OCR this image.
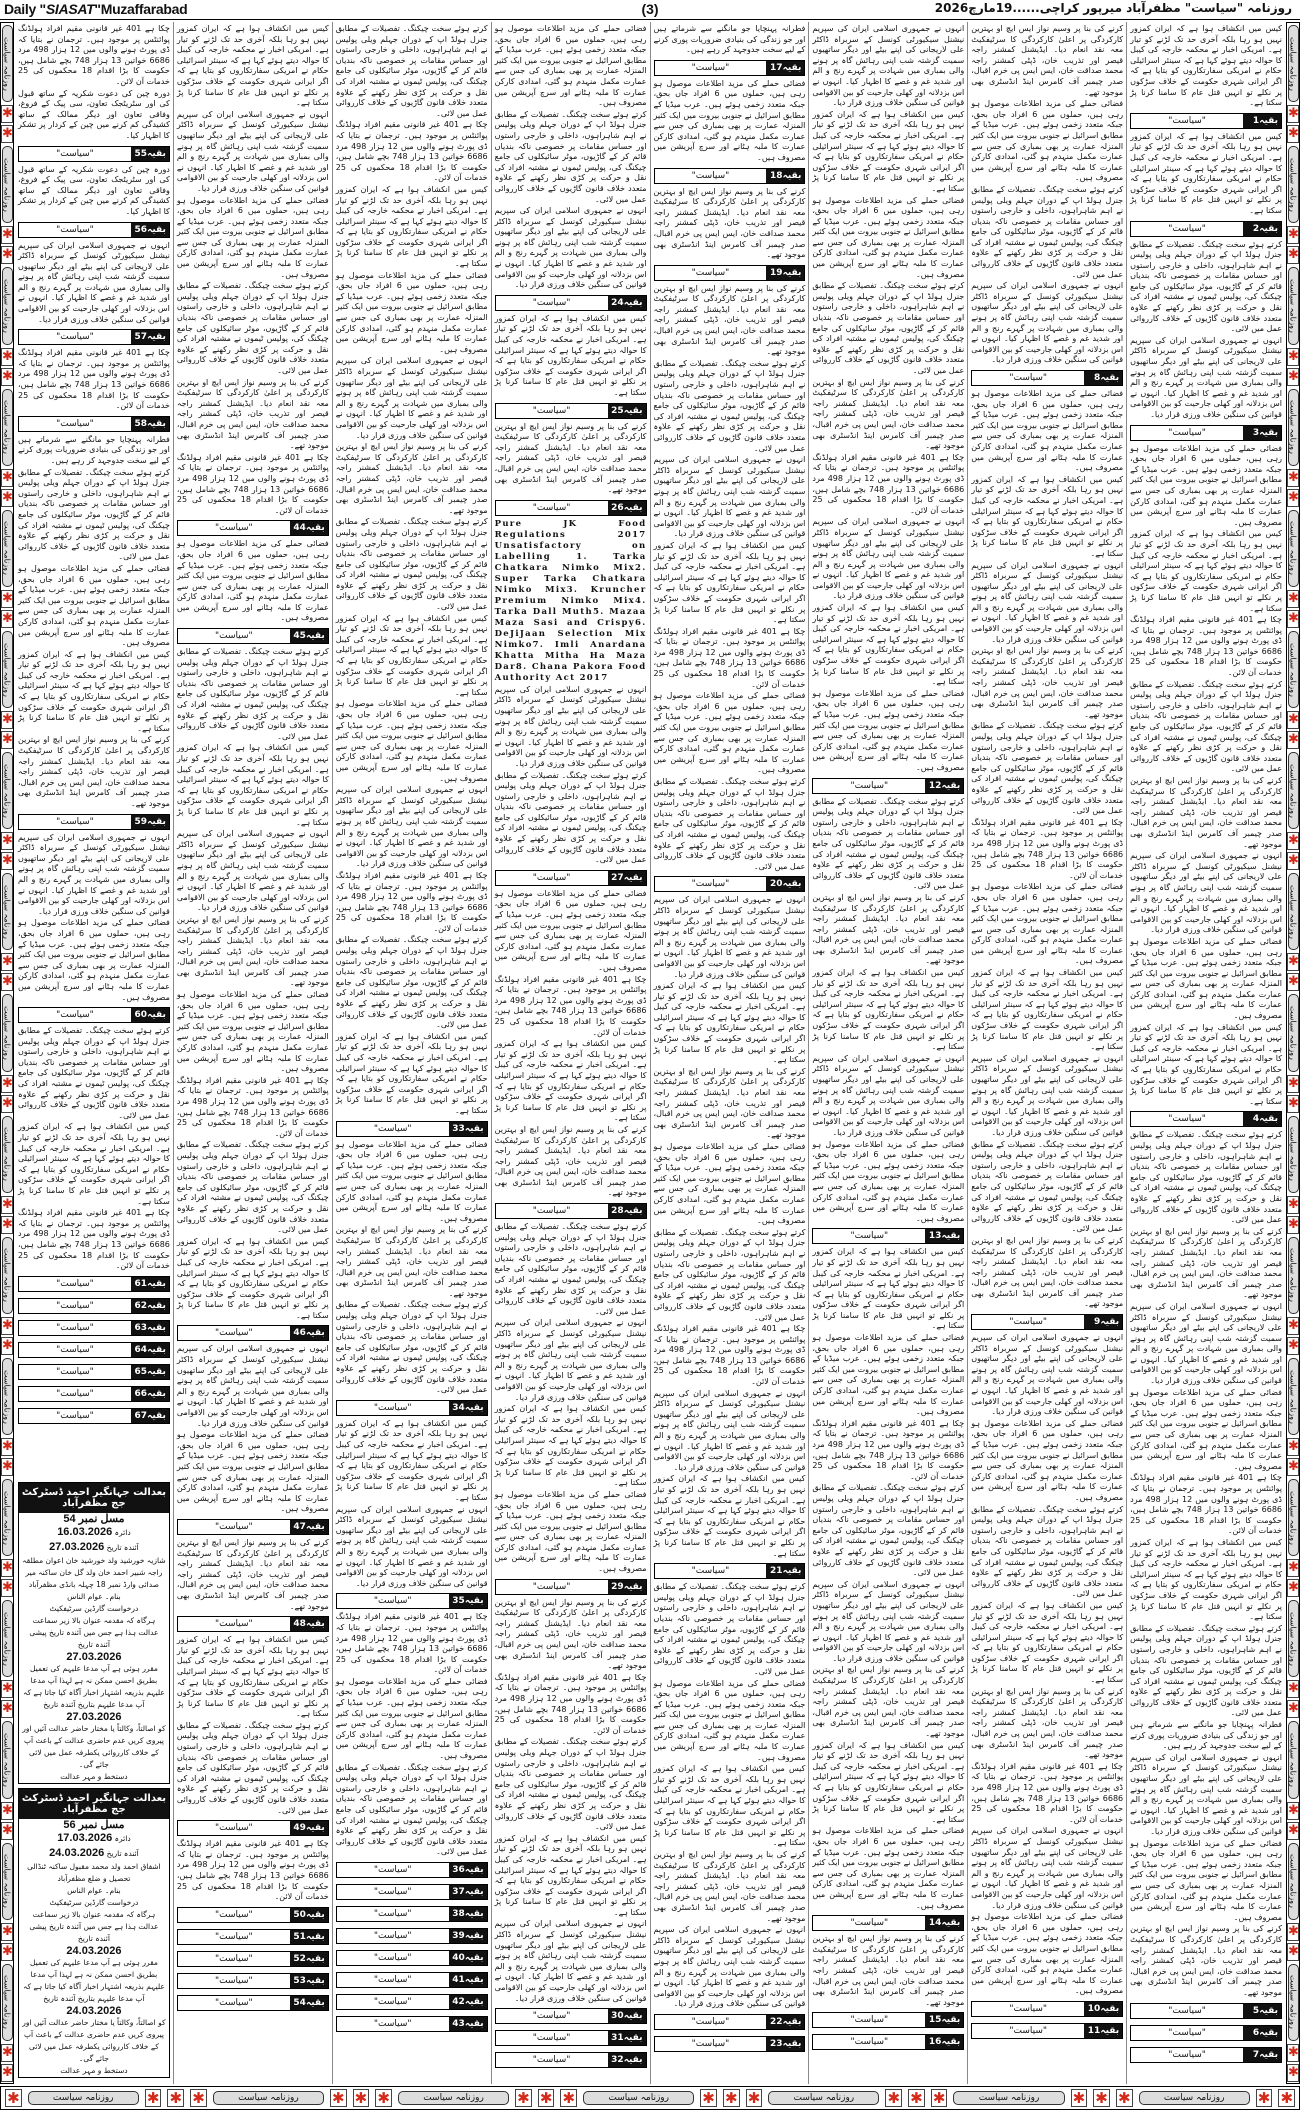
Daily "SIASAT"Muzaffarabad	(3)	روزنامہ "سیاست" مظفرآباد میرپور کراچی......19مارچ2026
روزنامہ سیاست
✱
✱
روزنامہ سیاست
✱
✱
روزنامہ سیاست
✱
✱
روزنامہ سیاست
✱
✱
روزنامہ سیاست
✱
✱
روزنامہ سیاست
✱
✱
روزنامہ سیاست
✱
✱
روزنامہ سیاست
✱
✱
روزنامہ سیاست
✱
✱
روزنامہ سیاست
✱
✱
روزنامہ سیاست
✱
✱
روزنامہ سیاست
✱
✱
روزنامہ سیاست
✱
✱
روزنامہ سیاست
✱
✱
روزنامہ سیاست
✱
✱
روزنامہ سیاست
✱
✱
روزنامہ سیاست
✱
✱
روزنامہ سیاست
✱
✱
روزنامہ سیاست
✱
✱
روزنامہ سیاست
✱
✱
روزنامہ سیاست
✱
✱
روزنامہ سیاست
✱
✱
روزنامہ سیاست
✱
✱
روزنامہ سیاست
✱
✱
روزنامہ سیاست
✱
✱
روزنامہ سیاست
✱
✱
روزنامہ سیاست
✱
✱
روزنامہ سیاست
✱
✱
روزنامہ سیاست
✱
✱
روزنامہ سیاست
✱
✱
روزنامہ سیاست
✱
✱
روزنامہ سیاست
✱
✱
روزنامہ سیاست
✱
✱
روزنامہ سیاست
✱
✱

کیس میں انکشاف ہوا ہے کہ ایران کمزور نہیں ہو رہا بلکہ آخری حد تک لڑنے کو تیار ہے۔ امریکی اخبار نے محکمہ خارجہ کی کیبل کا حوالہ دیتے ہوئے کہا ہے کہ سینئر اسرائیلی حکام نے امریکی سفارتکاروں کو بتایا ہے کہ اگر ایرانی شہری حکومت کے خلاف سڑکوں پر نکلے تو انہیں قتل عام کا سامنا کرنا پڑ سکتا ہے۔

بقیہ1
"سیاست"

کیس میں انکشاف ہوا ہے کہ ایران کمزور نہیں ہو رہا بلکہ آخری حد تک لڑنے کو تیار ہے۔ امریکی اخبار نے محکمہ خارجہ کی کیبل کا حوالہ دیتے ہوئے کہا ہے کہ سینئر اسرائیلی حکام نے امریکی سفارتکاروں کو بتایا ہے کہ اگر ایرانی شہری حکومت کے خلاف سڑکوں پر نکلے تو انہیں قتل عام کا سامنا کرنا پڑ سکتا ہے۔

بقیہ2
"سیاست"

کرتے ہوئے سخت چیکنگ۔ تفصیلات کے مطابق جنرل ہولڈ اپ کے دوران جہلم ویلی پولیس نے اہم شاہراہوں، داخلی و خارجی راستوں اور حساس مقامات پر خصوصی ناکہ بندیاں قائم کر کے گاڑیوں، موٹر سائیکلوں کی جامع چیکنگ کی، پولیس ٹیموں نے مشتبہ افراد کی نقل و حرکت پر کڑی نظر رکھنے کے علاوہ متعدد خلاف قانون گاڑیوں کے خلاف کارروائی عمل میں لائی۔

انہوں نے جمہوری اسلامی ایران کی سپریم نیشنل سیکیورٹی کونسل کے سربراہ ڈاکٹر علی لاریجانی کی اپنے بیٹے اور دیگر ساتھیوں سمیت گزشتہ شب اپنی رہائش گاہ پر ہونے والی بمباری میں شہادت پر گہرے رنج و الم اور شدید غم و غصے کا اظہار کیا۔ انہوں نے اس بزدلانہ اور کھلی جارحیت کو بین الاقوامی قوانین کی سنگین خلاف ورزی قرار دیا۔

بقیہ3
"سیاست"

فضائی حملے کی مزید اطلاعات موصول ہو رہی ہیں، حملوں میں 6 افراد جاں بحق، جبکہ متعدد زخمی ہوئے ہیں۔ عرب میڈیا کے مطابق اسرائیل نے جنوبی بیروت میں ایک کثیر المنزلہ عمارت پر بھی بمباری کی جس سے عمارت مکمل منہدم ہو گئی، امدادی کارکن عمارت کا ملبہ ہٹانے اور سرچ آپریشن میں مصروف ہیں۔

کیس میں انکشاف ہوا ہے کہ ایران کمزور نہیں ہو رہا بلکہ آخری حد تک لڑنے کو تیار ہے۔ امریکی اخبار نے محکمہ خارجہ کی کیبل کا حوالہ دیتے ہوئے کہا ہے کہ سینئر اسرائیلی حکام نے امریکی سفارتکاروں کو بتایا ہے کہ اگر ایرانی شہری حکومت کے خلاف سڑکوں پر نکلے تو انہیں قتل عام کا سامنا کرنا پڑ سکتا ہے۔

چکا ہے 401 غیر قانونی مقیم افراد ہولڈنگ پوائنٹس پر موجود ہیں۔ ترجمان نے بتایا کہ ڈی پورٹ ہونے والوں میں 12 ہزار 498 مرد 6686 خواتین 13 ہزار 748 بچے شامل ہیں، حکومت کا بڑا اقدام 18 محکموں کی 25 خدمات آن لائن۔

کرتے ہوئے سخت چیکنگ۔ تفصیلات کے مطابق جنرل ہولڈ اپ کے دوران جہلم ویلی پولیس نے اہم شاہراہوں، داخلی و خارجی راستوں اور حساس مقامات پر خصوصی ناکہ بندیاں قائم کر کے گاڑیوں، موٹر سائیکلوں کی جامع چیکنگ کی، پولیس ٹیموں نے مشتبہ افراد کی نقل و حرکت پر کڑی نظر رکھنے کے علاوہ متعدد خلاف قانون گاڑیوں کے خلاف کارروائی عمل میں لائی۔

کرنے کی بنا پر وسیم نواز ایس ایچ او بہترین کارکردگی پر اعلیٰ کارکردگی کا سرٹیفکیٹ معہ نقد انعام دیا۔ ایڈیشنل کمشنر راجہ قیصر اور تذریب خان، ڈپٹی کمشنر راجہ محمد صداقت خان، ایس ایس پی خرم اقبال، صدر چیمبر آف کامرس اینڈ انڈسٹری بھی موجود تھے۔

انہوں نے جمہوری اسلامی ایران کی سپریم نیشنل سیکیورٹی کونسل کے سربراہ ڈاکٹر علی لاریجانی کی اپنے بیٹے اور دیگر ساتھیوں سمیت گزشتہ شب اپنی رہائش گاہ پر ہونے والی بمباری میں شہادت پر گہرے رنج و الم اور شدید غم و غصے کا اظہار کیا۔ انہوں نے اس بزدلانہ اور کھلی جارحیت کو بین الاقوامی قوانین کی سنگین خلاف ورزی قرار دیا۔

فضائی حملے کی مزید اطلاعات موصول ہو رہی ہیں، حملوں میں 6 افراد جاں بحق، جبکہ متعدد زخمی ہوئے ہیں۔ عرب میڈیا کے مطابق اسرائیل نے جنوبی بیروت میں ایک کثیر المنزلہ عمارت پر بھی بمباری کی جس سے عمارت مکمل منہدم ہو گئی، امدادی کارکن عمارت کا ملبہ ہٹانے اور سرچ آپریشن میں مصروف ہیں۔

کیس میں انکشاف ہوا ہے کہ ایران کمزور نہیں ہو رہا بلکہ آخری حد تک لڑنے کو تیار ہے۔ امریکی اخبار نے محکمہ خارجہ کی کیبل کا حوالہ دیتے ہوئے کہا ہے کہ سینئر اسرائیلی حکام نے امریکی سفارتکاروں کو بتایا ہے کہ اگر ایرانی شہری حکومت کے خلاف سڑکوں پر نکلے تو انہیں قتل عام کا سامنا کرنا پڑ سکتا ہے۔

بقیہ4
"سیاست"

کرتے ہوئے سخت چیکنگ۔ تفصیلات کے مطابق جنرل ہولڈ اپ کے دوران جہلم ویلی پولیس نے اہم شاہراہوں، داخلی و خارجی راستوں اور حساس مقامات پر خصوصی ناکہ بندیاں قائم کر کے گاڑیوں، موٹر سائیکلوں کی جامع چیکنگ کی، پولیس ٹیموں نے مشتبہ افراد کی نقل و حرکت پر کڑی نظر رکھنے کے علاوہ متعدد خلاف قانون گاڑیوں کے خلاف کارروائی عمل میں لائی۔

کرنے کی بنا پر وسیم نواز ایس ایچ او بہترین کارکردگی پر اعلیٰ کارکردگی کا سرٹیفکیٹ معہ نقد انعام دیا۔ ایڈیشنل کمشنر راجہ قیصر اور تذریب خان، ڈپٹی کمشنر راجہ محمد صداقت خان، ایس ایس پی خرم اقبال، صدر چیمبر آف کامرس اینڈ انڈسٹری بھی موجود تھے۔

انہوں نے جمہوری اسلامی ایران کی سپریم نیشنل سیکیورٹی کونسل کے سربراہ ڈاکٹر علی لاریجانی کی اپنے بیٹے اور دیگر ساتھیوں سمیت گزشتہ شب اپنی رہائش گاہ پر ہونے والی بمباری میں شہادت پر گہرے رنج و الم اور شدید غم و غصے کا اظہار کیا۔ انہوں نے اس بزدلانہ اور کھلی جارحیت کو بین الاقوامی قوانین کی سنگین خلاف ورزی قرار دیا۔

فضائی حملے کی مزید اطلاعات موصول ہو رہی ہیں، حملوں میں 6 افراد جاں بحق، جبکہ متعدد زخمی ہوئے ہیں۔ عرب میڈیا کے مطابق اسرائیل نے جنوبی بیروت میں ایک کثیر المنزلہ عمارت پر بھی بمباری کی جس سے عمارت مکمل منہدم ہو گئی، امدادی کارکن عمارت کا ملبہ ہٹانے اور سرچ آپریشن میں مصروف ہیں۔

چکا ہے 401 غیر قانونی مقیم افراد ہولڈنگ پوائنٹس پر موجود ہیں۔ ترجمان نے بتایا کہ ڈی پورٹ ہونے والوں میں 12 ہزار 498 مرد 6686 خواتین 13 ہزار 748 بچے شامل ہیں، حکومت کا بڑا اقدام 18 محکموں کی 25 خدمات آن لائن۔

کیس میں انکشاف ہوا ہے کہ ایران کمزور نہیں ہو رہا بلکہ آخری حد تک لڑنے کو تیار ہے۔ امریکی اخبار نے محکمہ خارجہ کی کیبل کا حوالہ دیتے ہوئے کہا ہے کہ سینئر اسرائیلی حکام نے امریکی سفارتکاروں کو بتایا ہے کہ اگر ایرانی شہری حکومت کے خلاف سڑکوں پر نکلے تو انہیں قتل عام کا سامنا کرنا پڑ سکتا ہے۔

کرتے ہوئے سخت چیکنگ۔ تفصیلات کے مطابق جنرل ہولڈ اپ کے دوران جہلم ویلی پولیس نے اہم شاہراہوں، داخلی و خارجی راستوں اور حساس مقامات پر خصوصی ناکہ بندیاں قائم کر کے گاڑیوں، موٹر سائیکلوں کی جامع چیکنگ کی، پولیس ٹیموں نے مشتبہ افراد کی نقل و حرکت پر کڑی نظر رکھنے کے علاوہ متعدد خلاف قانون گاڑیوں کے خلاف کارروائی عمل میں لائی۔

فطرانہ پہنچایا جو مانگنے سے شرماتے ہیں اور جو زندگی کی بنیادی ضروریات پوری کرنے کے لیے سخت جدوجہد کر رہے ہیں۔

انہوں نے جمہوری اسلامی ایران کی سپریم نیشنل سیکیورٹی کونسل کے سربراہ ڈاکٹر علی لاریجانی کی اپنے بیٹے اور دیگر ساتھیوں سمیت گزشتہ شب اپنی رہائش گاہ پر ہونے والی بمباری میں شہادت پر گہرے رنج و الم اور شدید غم و غصے کا اظہار کیا۔ انہوں نے اس بزدلانہ اور کھلی جارحیت کو بین الاقوامی قوانین کی سنگین خلاف ورزی قرار دیا۔

فضائی حملے کی مزید اطلاعات موصول ہو رہی ہیں، حملوں میں 6 افراد جاں بحق، جبکہ متعدد زخمی ہوئے ہیں۔ عرب میڈیا کے مطابق اسرائیل نے جنوبی بیروت میں ایک کثیر المنزلہ عمارت پر بھی بمباری کی جس سے عمارت مکمل منہدم ہو گئی، امدادی کارکن عمارت کا ملبہ ہٹانے اور سرچ آپریشن میں مصروف ہیں۔

کرنے کی بنا پر وسیم نواز ایس ایچ او بہترین کارکردگی پر اعلیٰ کارکردگی کا سرٹیفکیٹ معہ نقد انعام دیا۔ ایڈیشنل کمشنر راجہ قیصر اور تذریب خان، ڈپٹی کمشنر راجہ محمد صداقت خان، ایس ایس پی خرم اقبال، صدر چیمبر آف کامرس اینڈ انڈسٹری بھی موجود تھے۔

بقیہ5
"سیاست"
بقیہ6
"سیاست"
بقیہ7
"سیاست"

کرنے کی بنا پر وسیم نواز ایس ایچ او بہترین کارکردگی پر اعلیٰ کارکردگی کا سرٹیفکیٹ معہ نقد انعام دیا۔ ایڈیشنل کمشنر راجہ قیصر اور تذریب خان، ڈپٹی کمشنر راجہ محمد صداقت خان، ایس ایس پی خرم اقبال، صدر چیمبر آف کامرس اینڈ انڈسٹری بھی موجود تھے۔

فضائی حملے کی مزید اطلاعات موصول ہو رہی ہیں، حملوں میں 6 افراد جاں بحق، جبکہ متعدد زخمی ہوئے ہیں۔ عرب میڈیا کے مطابق اسرائیل نے جنوبی بیروت میں ایک کثیر المنزلہ عمارت پر بھی بمباری کی جس سے عمارت مکمل منہدم ہو گئی، امدادی کارکن عمارت کا ملبہ ہٹانے اور سرچ آپریشن میں مصروف ہیں۔

کرتے ہوئے سخت چیکنگ۔ تفصیلات کے مطابق جنرل ہولڈ اپ کے دوران جہلم ویلی پولیس نے اہم شاہراہوں، داخلی و خارجی راستوں اور حساس مقامات پر خصوصی ناکہ بندیاں قائم کر کے گاڑیوں، موٹر سائیکلوں کی جامع چیکنگ کی، پولیس ٹیموں نے مشتبہ افراد کی نقل و حرکت پر کڑی نظر رکھنے کے علاوہ متعدد خلاف قانون گاڑیوں کے خلاف کارروائی عمل میں لائی۔

انہوں نے جمہوری اسلامی ایران کی سپریم نیشنل سیکیورٹی کونسل کے سربراہ ڈاکٹر علی لاریجانی کی اپنے بیٹے اور دیگر ساتھیوں سمیت گزشتہ شب اپنی رہائش گاہ پر ہونے والی بمباری میں شہادت پر گہرے رنج و الم اور شدید غم و غصے کا اظہار کیا۔ انہوں نے اس بزدلانہ اور کھلی جارحیت کو بین الاقوامی قوانین کی سنگین خلاف ورزی قرار دیا۔

بقیہ8
"سیاست"

فضائی حملے کی مزید اطلاعات موصول ہو رہی ہیں، حملوں میں 6 افراد جاں بحق، جبکہ متعدد زخمی ہوئے ہیں۔ عرب میڈیا کے مطابق اسرائیل نے جنوبی بیروت میں ایک کثیر المنزلہ عمارت پر بھی بمباری کی جس سے عمارت مکمل منہدم ہو گئی، امدادی کارکن عمارت کا ملبہ ہٹانے اور سرچ آپریشن میں مصروف ہیں۔

کیس میں انکشاف ہوا ہے کہ ایران کمزور نہیں ہو رہا بلکہ آخری حد تک لڑنے کو تیار ہے۔ امریکی اخبار نے محکمہ خارجہ کی کیبل کا حوالہ دیتے ہوئے کہا ہے کہ سینئر اسرائیلی حکام نے امریکی سفارتکاروں کو بتایا ہے کہ اگر ایرانی شہری حکومت کے خلاف سڑکوں پر نکلے تو انہیں قتل عام کا سامنا کرنا پڑ سکتا ہے۔

انہوں نے جمہوری اسلامی ایران کی سپریم نیشنل سیکیورٹی کونسل کے سربراہ ڈاکٹر علی لاریجانی کی اپنے بیٹے اور دیگر ساتھیوں سمیت گزشتہ شب اپنی رہائش گاہ پر ہونے والی بمباری میں شہادت پر گہرے رنج و الم اور شدید غم و غصے کا اظہار کیا۔ انہوں نے اس بزدلانہ اور کھلی جارحیت کو بین الاقوامی قوانین کی سنگین خلاف ورزی قرار دیا۔

کرنے کی بنا پر وسیم نواز ایس ایچ او بہترین کارکردگی پر اعلیٰ کارکردگی کا سرٹیفکیٹ معہ نقد انعام دیا۔ ایڈیشنل کمشنر راجہ قیصر اور تذریب خان، ڈپٹی کمشنر راجہ محمد صداقت خان، ایس ایس پی خرم اقبال، صدر چیمبر آف کامرس اینڈ انڈسٹری بھی موجود تھے۔

کرتے ہوئے سخت چیکنگ۔ تفصیلات کے مطابق جنرل ہولڈ اپ کے دوران جہلم ویلی پولیس نے اہم شاہراہوں، داخلی و خارجی راستوں اور حساس مقامات پر خصوصی ناکہ بندیاں قائم کر کے گاڑیوں، موٹر سائیکلوں کی جامع چیکنگ کی، پولیس ٹیموں نے مشتبہ افراد کی نقل و حرکت پر کڑی نظر رکھنے کے علاوہ متعدد خلاف قانون گاڑیوں کے خلاف کارروائی عمل میں لائی۔

چکا ہے 401 غیر قانونی مقیم افراد ہولڈنگ پوائنٹس پر موجود ہیں۔ ترجمان نے بتایا کہ ڈی پورٹ ہونے والوں میں 12 ہزار 498 مرد 6686 خواتین 13 ہزار 748 بچے شامل ہیں، حکومت کا بڑا اقدام 18 محکموں کی 25 خدمات آن لائن۔

فضائی حملے کی مزید اطلاعات موصول ہو رہی ہیں، حملوں میں 6 افراد جاں بحق، جبکہ متعدد زخمی ہوئے ہیں۔ عرب میڈیا کے مطابق اسرائیل نے جنوبی بیروت میں ایک کثیر المنزلہ عمارت پر بھی بمباری کی جس سے عمارت مکمل منہدم ہو گئی، امدادی کارکن عمارت کا ملبہ ہٹانے اور سرچ آپریشن میں مصروف ہیں۔

کیس میں انکشاف ہوا ہے کہ ایران کمزور نہیں ہو رہا بلکہ آخری حد تک لڑنے کو تیار ہے۔ امریکی اخبار نے محکمہ خارجہ کی کیبل کا حوالہ دیتے ہوئے کہا ہے کہ سینئر اسرائیلی حکام نے امریکی سفارتکاروں کو بتایا ہے کہ اگر ایرانی شہری حکومت کے خلاف سڑکوں پر نکلے تو انہیں قتل عام کا سامنا کرنا پڑ سکتا ہے۔

انہوں نے جمہوری اسلامی ایران کی سپریم نیشنل سیکیورٹی کونسل کے سربراہ ڈاکٹر علی لاریجانی کی اپنے بیٹے اور دیگر ساتھیوں سمیت گزشتہ شب اپنی رہائش گاہ پر ہونے والی بمباری میں شہادت پر گہرے رنج و الم اور شدید غم و غصے کا اظہار کیا۔ انہوں نے اس بزدلانہ اور کھلی جارحیت کو بین الاقوامی قوانین کی سنگین خلاف ورزی قرار دیا۔

کرتے ہوئے سخت چیکنگ۔ تفصیلات کے مطابق جنرل ہولڈ اپ کے دوران جہلم ویلی پولیس نے اہم شاہراہوں، داخلی و خارجی راستوں اور حساس مقامات پر خصوصی ناکہ بندیاں قائم کر کے گاڑیوں، موٹر سائیکلوں کی جامع چیکنگ کی، پولیس ٹیموں نے مشتبہ افراد کی نقل و حرکت پر کڑی نظر رکھنے کے علاوہ متعدد خلاف قانون گاڑیوں کے خلاف کارروائی عمل میں لائی۔

کرنے کی بنا پر وسیم نواز ایس ایچ او بہترین کارکردگی پر اعلیٰ کارکردگی کا سرٹیفکیٹ معہ نقد انعام دیا۔ ایڈیشنل کمشنر راجہ قیصر اور تذریب خان، ڈپٹی کمشنر راجہ محمد صداقت خان، ایس ایس پی خرم اقبال، صدر چیمبر آف کامرس اینڈ انڈسٹری بھی موجود تھے۔

بقیہ9
"سیاست"

انہوں نے جمہوری اسلامی ایران کی سپریم نیشنل سیکیورٹی کونسل کے سربراہ ڈاکٹر علی لاریجانی کی اپنے بیٹے اور دیگر ساتھیوں سمیت گزشتہ شب اپنی رہائش گاہ پر ہونے والی بمباری میں شہادت پر گہرے رنج و الم اور شدید غم و غصے کا اظہار کیا۔ انہوں نے اس بزدلانہ اور کھلی جارحیت کو بین الاقوامی قوانین کی سنگین خلاف ورزی قرار دیا۔

فضائی حملے کی مزید اطلاعات موصول ہو رہی ہیں، حملوں میں 6 افراد جاں بحق، جبکہ متعدد زخمی ہوئے ہیں۔ عرب میڈیا کے مطابق اسرائیل نے جنوبی بیروت میں ایک کثیر المنزلہ عمارت پر بھی بمباری کی جس سے عمارت مکمل منہدم ہو گئی، امدادی کارکن عمارت کا ملبہ ہٹانے اور سرچ آپریشن میں مصروف ہیں۔

کرتے ہوئے سخت چیکنگ۔ تفصیلات کے مطابق جنرل ہولڈ اپ کے دوران جہلم ویلی پولیس نے اہم شاہراہوں، داخلی و خارجی راستوں اور حساس مقامات پر خصوصی ناکہ بندیاں قائم کر کے گاڑیوں، موٹر سائیکلوں کی جامع چیکنگ کی، پولیس ٹیموں نے مشتبہ افراد کی نقل و حرکت پر کڑی نظر رکھنے کے علاوہ متعدد خلاف قانون گاڑیوں کے خلاف کارروائی عمل میں لائی۔

کیس میں انکشاف ہوا ہے کہ ایران کمزور نہیں ہو رہا بلکہ آخری حد تک لڑنے کو تیار ہے۔ امریکی اخبار نے محکمہ خارجہ کی کیبل کا حوالہ دیتے ہوئے کہا ہے کہ سینئر اسرائیلی حکام نے امریکی سفارتکاروں کو بتایا ہے کہ اگر ایرانی شہری حکومت کے خلاف سڑکوں پر نکلے تو انہیں قتل عام کا سامنا کرنا پڑ سکتا ہے۔

کرنے کی بنا پر وسیم نواز ایس ایچ او بہترین کارکردگی پر اعلیٰ کارکردگی کا سرٹیفکیٹ معہ نقد انعام دیا۔ ایڈیشنل کمشنر راجہ قیصر اور تذریب خان، ڈپٹی کمشنر راجہ محمد صداقت خان، ایس ایس پی خرم اقبال، صدر چیمبر آف کامرس اینڈ انڈسٹری بھی موجود تھے۔

چکا ہے 401 غیر قانونی مقیم افراد ہولڈنگ پوائنٹس پر موجود ہیں۔ ترجمان نے بتایا کہ ڈی پورٹ ہونے والوں میں 12 ہزار 498 مرد 6686 خواتین 13 ہزار 748 بچے شامل ہیں، حکومت کا بڑا اقدام 18 محکموں کی 25 خدمات آن لائن۔

انہوں نے جمہوری اسلامی ایران کی سپریم نیشنل سیکیورٹی کونسل کے سربراہ ڈاکٹر علی لاریجانی کی اپنے بیٹے اور دیگر ساتھیوں سمیت گزشتہ شب اپنی رہائش گاہ پر ہونے والی بمباری میں شہادت پر گہرے رنج و الم اور شدید غم و غصے کا اظہار کیا۔ انہوں نے اس بزدلانہ اور کھلی جارحیت کو بین الاقوامی قوانین کی سنگین خلاف ورزی قرار دیا۔

فضائی حملے کی مزید اطلاعات موصول ہو رہی ہیں، حملوں میں 6 افراد جاں بحق، جبکہ متعدد زخمی ہوئے ہیں۔ عرب میڈیا کے مطابق اسرائیل نے جنوبی بیروت میں ایک کثیر المنزلہ عمارت پر بھی بمباری کی جس سے عمارت مکمل منہدم ہو گئی، امدادی کارکن عمارت کا ملبہ ہٹانے اور سرچ آپریشن میں مصروف ہیں۔

بقیہ10
"سیاست"
بقیہ11
"سیاست"

انہوں نے جمہوری اسلامی ایران کی سپریم نیشنل سیکیورٹی کونسل کے سربراہ ڈاکٹر علی لاریجانی کی اپنے بیٹے اور دیگر ساتھیوں سمیت گزشتہ شب اپنی رہائش گاہ پر ہونے والی بمباری میں شہادت پر گہرے رنج و الم اور شدید غم و غصے کا اظہار کیا۔ انہوں نے اس بزدلانہ اور کھلی جارحیت کو بین الاقوامی قوانین کی سنگین خلاف ورزی قرار دیا۔

کیس میں انکشاف ہوا ہے کہ ایران کمزور نہیں ہو رہا بلکہ آخری حد تک لڑنے کو تیار ہے۔ امریکی اخبار نے محکمہ خارجہ کی کیبل کا حوالہ دیتے ہوئے کہا ہے کہ سینئر اسرائیلی حکام نے امریکی سفارتکاروں کو بتایا ہے کہ اگر ایرانی شہری حکومت کے خلاف سڑکوں پر نکلے تو انہیں قتل عام کا سامنا کرنا پڑ سکتا ہے۔

فضائی حملے کی مزید اطلاعات موصول ہو رہی ہیں، حملوں میں 6 افراد جاں بحق، جبکہ متعدد زخمی ہوئے ہیں۔ عرب میڈیا کے مطابق اسرائیل نے جنوبی بیروت میں ایک کثیر المنزلہ عمارت پر بھی بمباری کی جس سے عمارت مکمل منہدم ہو گئی، امدادی کارکن عمارت کا ملبہ ہٹانے اور سرچ آپریشن میں مصروف ہیں۔

کرتے ہوئے سخت چیکنگ۔ تفصیلات کے مطابق جنرل ہولڈ اپ کے دوران جہلم ویلی پولیس نے اہم شاہراہوں، داخلی و خارجی راستوں اور حساس مقامات پر خصوصی ناکہ بندیاں قائم کر کے گاڑیوں، موٹر سائیکلوں کی جامع چیکنگ کی، پولیس ٹیموں نے مشتبہ افراد کی نقل و حرکت پر کڑی نظر رکھنے کے علاوہ متعدد خلاف قانون گاڑیوں کے خلاف کارروائی عمل میں لائی۔

کرنے کی بنا پر وسیم نواز ایس ایچ او بہترین کارکردگی پر اعلیٰ کارکردگی کا سرٹیفکیٹ معہ نقد انعام دیا۔ ایڈیشنل کمشنر راجہ قیصر اور تذریب خان، ڈپٹی کمشنر راجہ محمد صداقت خان، ایس ایس پی خرم اقبال، صدر چیمبر آف کامرس اینڈ انڈسٹری بھی موجود تھے۔

چکا ہے 401 غیر قانونی مقیم افراد ہولڈنگ پوائنٹس پر موجود ہیں۔ ترجمان نے بتایا کہ ڈی پورٹ ہونے والوں میں 12 ہزار 498 مرد 6686 خواتین 13 ہزار 748 بچے شامل ہیں، حکومت کا بڑا اقدام 18 محکموں کی 25 خدمات آن لائن۔

انہوں نے جمہوری اسلامی ایران کی سپریم نیشنل سیکیورٹی کونسل کے سربراہ ڈاکٹر علی لاریجانی کی اپنے بیٹے اور دیگر ساتھیوں سمیت گزشتہ شب اپنی رہائش گاہ پر ہونے والی بمباری میں شہادت پر گہرے رنج و الم اور شدید غم و غصے کا اظہار کیا۔ انہوں نے اس بزدلانہ اور کھلی جارحیت کو بین الاقوامی قوانین کی سنگین خلاف ورزی قرار دیا۔

کیس میں انکشاف ہوا ہے کہ ایران کمزور نہیں ہو رہا بلکہ آخری حد تک لڑنے کو تیار ہے۔ امریکی اخبار نے محکمہ خارجہ کی کیبل کا حوالہ دیتے ہوئے کہا ہے کہ سینئر اسرائیلی حکام نے امریکی سفارتکاروں کو بتایا ہے کہ اگر ایرانی شہری حکومت کے خلاف سڑکوں پر نکلے تو انہیں قتل عام کا سامنا کرنا پڑ سکتا ہے۔

فضائی حملے کی مزید اطلاعات موصول ہو رہی ہیں، حملوں میں 6 افراد جاں بحق، جبکہ متعدد زخمی ہوئے ہیں۔ عرب میڈیا کے مطابق اسرائیل نے جنوبی بیروت میں ایک کثیر المنزلہ عمارت پر بھی بمباری کی جس سے عمارت مکمل منہدم ہو گئی، امدادی کارکن عمارت کا ملبہ ہٹانے اور سرچ آپریشن میں مصروف ہیں۔

بقیہ12
"سیاست"

کرتے ہوئے سخت چیکنگ۔ تفصیلات کے مطابق جنرل ہولڈ اپ کے دوران جہلم ویلی پولیس نے اہم شاہراہوں، داخلی و خارجی راستوں اور حساس مقامات پر خصوصی ناکہ بندیاں قائم کر کے گاڑیوں، موٹر سائیکلوں کی جامع چیکنگ کی، پولیس ٹیموں نے مشتبہ افراد کی نقل و حرکت پر کڑی نظر رکھنے کے علاوہ متعدد خلاف قانون گاڑیوں کے خلاف کارروائی عمل میں لائی۔

کرنے کی بنا پر وسیم نواز ایس ایچ او بہترین کارکردگی پر اعلیٰ کارکردگی کا سرٹیفکیٹ معہ نقد انعام دیا۔ ایڈیشنل کمشنر راجہ قیصر اور تذریب خان، ڈپٹی کمشنر راجہ محمد صداقت خان، ایس ایس پی خرم اقبال، صدر چیمبر آف کامرس اینڈ انڈسٹری بھی موجود تھے۔

کیس میں انکشاف ہوا ہے کہ ایران کمزور نہیں ہو رہا بلکہ آخری حد تک لڑنے کو تیار ہے۔ امریکی اخبار نے محکمہ خارجہ کی کیبل کا حوالہ دیتے ہوئے کہا ہے کہ سینئر اسرائیلی حکام نے امریکی سفارتکاروں کو بتایا ہے کہ اگر ایرانی شہری حکومت کے خلاف سڑکوں پر نکلے تو انہیں قتل عام کا سامنا کرنا پڑ سکتا ہے۔

انہوں نے جمہوری اسلامی ایران کی سپریم نیشنل سیکیورٹی کونسل کے سربراہ ڈاکٹر علی لاریجانی کی اپنے بیٹے اور دیگر ساتھیوں سمیت گزشتہ شب اپنی رہائش گاہ پر ہونے والی بمباری میں شہادت پر گہرے رنج و الم اور شدید غم و غصے کا اظہار کیا۔ انہوں نے اس بزدلانہ اور کھلی جارحیت کو بین الاقوامی قوانین کی سنگین خلاف ورزی قرار دیا۔

فضائی حملے کی مزید اطلاعات موصول ہو رہی ہیں، حملوں میں 6 افراد جاں بحق، جبکہ متعدد زخمی ہوئے ہیں۔ عرب میڈیا کے مطابق اسرائیل نے جنوبی بیروت میں ایک کثیر المنزلہ عمارت پر بھی بمباری کی جس سے عمارت مکمل منہدم ہو گئی، امدادی کارکن عمارت کا ملبہ ہٹانے اور سرچ آپریشن میں مصروف ہیں۔

بقیہ13
"سیاست"

کیس میں انکشاف ہوا ہے کہ ایران کمزور نہیں ہو رہا بلکہ آخری حد تک لڑنے کو تیار ہے۔ امریکی اخبار نے محکمہ خارجہ کی کیبل کا حوالہ دیتے ہوئے کہا ہے کہ سینئر اسرائیلی حکام نے امریکی سفارتکاروں کو بتایا ہے کہ اگر ایرانی شہری حکومت کے خلاف سڑکوں پر نکلے تو انہیں قتل عام کا سامنا کرنا پڑ سکتا ہے۔

فضائی حملے کی مزید اطلاعات موصول ہو رہی ہیں، حملوں میں 6 افراد جاں بحق، جبکہ متعدد زخمی ہوئے ہیں۔ عرب میڈیا کے مطابق اسرائیل نے جنوبی بیروت میں ایک کثیر المنزلہ عمارت پر بھی بمباری کی جس سے عمارت مکمل منہدم ہو گئی، امدادی کارکن عمارت کا ملبہ ہٹانے اور سرچ آپریشن میں مصروف ہیں۔

چکا ہے 401 غیر قانونی مقیم افراد ہولڈنگ پوائنٹس پر موجود ہیں۔ ترجمان نے بتایا کہ ڈی پورٹ ہونے والوں میں 12 ہزار 498 مرد 6686 خواتین 13 ہزار 748 بچے شامل ہیں، حکومت کا بڑا اقدام 18 محکموں کی 25 خدمات آن لائن۔

کرتے ہوئے سخت چیکنگ۔ تفصیلات کے مطابق جنرل ہولڈ اپ کے دوران جہلم ویلی پولیس نے اہم شاہراہوں، داخلی و خارجی راستوں اور حساس مقامات پر خصوصی ناکہ بندیاں قائم کر کے گاڑیوں، موٹر سائیکلوں کی جامع چیکنگ کی، پولیس ٹیموں نے مشتبہ افراد کی نقل و حرکت پر کڑی نظر رکھنے کے علاوہ متعدد خلاف قانون گاڑیوں کے خلاف کارروائی عمل میں لائی۔

انہوں نے جمہوری اسلامی ایران کی سپریم نیشنل سیکیورٹی کونسل کے سربراہ ڈاکٹر علی لاریجانی کی اپنے بیٹے اور دیگر ساتھیوں سمیت گزشتہ شب اپنی رہائش گاہ پر ہونے والی بمباری میں شہادت پر گہرے رنج و الم اور شدید غم و غصے کا اظہار کیا۔ انہوں نے اس بزدلانہ اور کھلی جارحیت کو بین الاقوامی قوانین کی سنگین خلاف ورزی قرار دیا۔

کرنے کی بنا پر وسیم نواز ایس ایچ او بہترین کارکردگی پر اعلیٰ کارکردگی کا سرٹیفکیٹ معہ نقد انعام دیا۔ ایڈیشنل کمشنر راجہ قیصر اور تذریب خان، ڈپٹی کمشنر راجہ محمد صداقت خان، ایس ایس پی خرم اقبال، صدر چیمبر آف کامرس اینڈ انڈسٹری بھی موجود تھے۔

کیس میں انکشاف ہوا ہے کہ ایران کمزور نہیں ہو رہا بلکہ آخری حد تک لڑنے کو تیار ہے۔ امریکی اخبار نے محکمہ خارجہ کی کیبل کا حوالہ دیتے ہوئے کہا ہے کہ سینئر اسرائیلی حکام نے امریکی سفارتکاروں کو بتایا ہے کہ اگر ایرانی شہری حکومت کے خلاف سڑکوں پر نکلے تو انہیں قتل عام کا سامنا کرنا پڑ سکتا ہے۔

فضائی حملے کی مزید اطلاعات موصول ہو رہی ہیں، حملوں میں 6 افراد جاں بحق، جبکہ متعدد زخمی ہوئے ہیں۔ عرب میڈیا کے مطابق اسرائیل نے جنوبی بیروت میں ایک کثیر المنزلہ عمارت پر بھی بمباری کی جس سے عمارت مکمل منہدم ہو گئی، امدادی کارکن عمارت کا ملبہ ہٹانے اور سرچ آپریشن میں مصروف ہیں۔

بقیہ14
"سیاست"

کرنے کی بنا پر وسیم نواز ایس ایچ او بہترین کارکردگی پر اعلیٰ کارکردگی کا سرٹیفکیٹ معہ نقد انعام دیا۔ ایڈیشنل کمشنر راجہ قیصر اور تذریب خان، ڈپٹی کمشنر راجہ محمد صداقت خان، ایس ایس پی خرم اقبال، صدر چیمبر آف کامرس اینڈ انڈسٹری بھی موجود تھے۔

بقیہ15
"سیاست"
بقیہ16
"سیاست"

فطرانہ پہنچایا جو مانگنے سے شرماتے ہیں اور جو زندگی کی بنیادی ضروریات پوری کرنے کے لیے سخت جدوجہد کر رہے ہیں۔

بقیہ17
"سیاست"

فضائی حملے کی مزید اطلاعات موصول ہو رہی ہیں، حملوں میں 6 افراد جاں بحق، جبکہ متعدد زخمی ہوئے ہیں۔ عرب میڈیا کے مطابق اسرائیل نے جنوبی بیروت میں ایک کثیر المنزلہ عمارت پر بھی بمباری کی جس سے عمارت مکمل منہدم ہو گئی، امدادی کارکن عمارت کا ملبہ ہٹانے اور سرچ آپریشن میں مصروف ہیں۔

بقیہ18
"سیاست"

کرنے کی بنا پر وسیم نواز ایس ایچ او بہترین کارکردگی پر اعلیٰ کارکردگی کا سرٹیفکیٹ معہ نقد انعام دیا۔ ایڈیشنل کمشنر راجہ قیصر اور تذریب خان، ڈپٹی کمشنر راجہ محمد صداقت خان، ایس ایس پی خرم اقبال، صدر چیمبر آف کامرس اینڈ انڈسٹری بھی موجود تھے۔

بقیہ19
"سیاست"

کرنے کی بنا پر وسیم نواز ایس ایچ او بہترین کارکردگی پر اعلیٰ کارکردگی کا سرٹیفکیٹ معہ نقد انعام دیا۔ ایڈیشنل کمشنر راجہ قیصر اور تذریب خان، ڈپٹی کمشنر راجہ محمد صداقت خان، ایس ایس پی خرم اقبال، صدر چیمبر آف کامرس اینڈ انڈسٹری بھی موجود تھے۔

کرتے ہوئے سخت چیکنگ۔ تفصیلات کے مطابق جنرل ہولڈ اپ کے دوران جہلم ویلی پولیس نے اہم شاہراہوں، داخلی و خارجی راستوں اور حساس مقامات پر خصوصی ناکہ بندیاں قائم کر کے گاڑیوں، موٹر سائیکلوں کی جامع چیکنگ کی، پولیس ٹیموں نے مشتبہ افراد کی نقل و حرکت پر کڑی نظر رکھنے کے علاوہ متعدد خلاف قانون گاڑیوں کے خلاف کارروائی عمل میں لائی۔

انہوں نے جمہوری اسلامی ایران کی سپریم نیشنل سیکیورٹی کونسل کے سربراہ ڈاکٹر علی لاریجانی کی اپنے بیٹے اور دیگر ساتھیوں سمیت گزشتہ شب اپنی رہائش گاہ پر ہونے والی بمباری میں شہادت پر گہرے رنج و الم اور شدید غم و غصے کا اظہار کیا۔ انہوں نے اس بزدلانہ اور کھلی جارحیت کو بین الاقوامی قوانین کی سنگین خلاف ورزی قرار دیا۔

کیس میں انکشاف ہوا ہے کہ ایران کمزور نہیں ہو رہا بلکہ آخری حد تک لڑنے کو تیار ہے۔ امریکی اخبار نے محکمہ خارجہ کی کیبل کا حوالہ دیتے ہوئے کہا ہے کہ سینئر اسرائیلی حکام نے امریکی سفارتکاروں کو بتایا ہے کہ اگر ایرانی شہری حکومت کے خلاف سڑکوں پر نکلے تو انہیں قتل عام کا سامنا کرنا پڑ سکتا ہے۔

چکا ہے 401 غیر قانونی مقیم افراد ہولڈنگ پوائنٹس پر موجود ہیں۔ ترجمان نے بتایا کہ ڈی پورٹ ہونے والوں میں 12 ہزار 498 مرد 6686 خواتین 13 ہزار 748 بچے شامل ہیں، حکومت کا بڑا اقدام 18 محکموں کی 25 خدمات آن لائن۔

فضائی حملے کی مزید اطلاعات موصول ہو رہی ہیں، حملوں میں 6 افراد جاں بحق، جبکہ متعدد زخمی ہوئے ہیں۔ عرب میڈیا کے مطابق اسرائیل نے جنوبی بیروت میں ایک کثیر المنزلہ عمارت پر بھی بمباری کی جس سے عمارت مکمل منہدم ہو گئی، امدادی کارکن عمارت کا ملبہ ہٹانے اور سرچ آپریشن میں مصروف ہیں۔

کرتے ہوئے سخت چیکنگ۔ تفصیلات کے مطابق جنرل ہولڈ اپ کے دوران جہلم ویلی پولیس نے اہم شاہراہوں، داخلی و خارجی راستوں اور حساس مقامات پر خصوصی ناکہ بندیاں قائم کر کے گاڑیوں، موٹر سائیکلوں کی جامع چیکنگ کی، پولیس ٹیموں نے مشتبہ افراد کی نقل و حرکت پر کڑی نظر رکھنے کے علاوہ متعدد خلاف قانون گاڑیوں کے خلاف کارروائی عمل میں لائی۔

بقیہ20
"سیاست"

انہوں نے جمہوری اسلامی ایران کی سپریم نیشنل سیکیورٹی کونسل کے سربراہ ڈاکٹر علی لاریجانی کی اپنے بیٹے اور دیگر ساتھیوں سمیت گزشتہ شب اپنی رہائش گاہ پر ہونے والی بمباری میں شہادت پر گہرے رنج و الم اور شدید غم و غصے کا اظہار کیا۔ انہوں نے اس بزدلانہ اور کھلی جارحیت کو بین الاقوامی قوانین کی سنگین خلاف ورزی قرار دیا۔

کیس میں انکشاف ہوا ہے کہ ایران کمزور نہیں ہو رہا بلکہ آخری حد تک لڑنے کو تیار ہے۔ امریکی اخبار نے محکمہ خارجہ کی کیبل کا حوالہ دیتے ہوئے کہا ہے کہ سینئر اسرائیلی حکام نے امریکی سفارتکاروں کو بتایا ہے کہ اگر ایرانی شہری حکومت کے خلاف سڑکوں پر نکلے تو انہیں قتل عام کا سامنا کرنا پڑ سکتا ہے۔

کرنے کی بنا پر وسیم نواز ایس ایچ او بہترین کارکردگی پر اعلیٰ کارکردگی کا سرٹیفکیٹ معہ نقد انعام دیا۔ ایڈیشنل کمشنر راجہ قیصر اور تذریب خان، ڈپٹی کمشنر راجہ محمد صداقت خان، ایس ایس پی خرم اقبال، صدر چیمبر آف کامرس اینڈ انڈسٹری بھی موجود تھے۔

فضائی حملے کی مزید اطلاعات موصول ہو رہی ہیں، حملوں میں 6 افراد جاں بحق، جبکہ متعدد زخمی ہوئے ہیں۔ عرب میڈیا کے مطابق اسرائیل نے جنوبی بیروت میں ایک کثیر المنزلہ عمارت پر بھی بمباری کی جس سے عمارت مکمل منہدم ہو گئی، امدادی کارکن عمارت کا ملبہ ہٹانے اور سرچ آپریشن میں مصروف ہیں۔

کرتے ہوئے سخت چیکنگ۔ تفصیلات کے مطابق جنرل ہولڈ اپ کے دوران جہلم ویلی پولیس نے اہم شاہراہوں، داخلی و خارجی راستوں اور حساس مقامات پر خصوصی ناکہ بندیاں قائم کر کے گاڑیوں، موٹر سائیکلوں کی جامع چیکنگ کی، پولیس ٹیموں نے مشتبہ افراد کی نقل و حرکت پر کڑی نظر رکھنے کے علاوہ متعدد خلاف قانون گاڑیوں کے خلاف کارروائی عمل میں لائی۔

چکا ہے 401 غیر قانونی مقیم افراد ہولڈنگ پوائنٹس پر موجود ہیں۔ ترجمان نے بتایا کہ ڈی پورٹ ہونے والوں میں 12 ہزار 498 مرد 6686 خواتین 13 ہزار 748 بچے شامل ہیں، حکومت کا بڑا اقدام 18 محکموں کی 25 خدمات آن لائن۔

انہوں نے جمہوری اسلامی ایران کی سپریم نیشنل سیکیورٹی کونسل کے سربراہ ڈاکٹر علی لاریجانی کی اپنے بیٹے اور دیگر ساتھیوں سمیت گزشتہ شب اپنی رہائش گاہ پر ہونے والی بمباری میں شہادت پر گہرے رنج و الم اور شدید غم و غصے کا اظہار کیا۔ انہوں نے اس بزدلانہ اور کھلی جارحیت کو بین الاقوامی قوانین کی سنگین خلاف ورزی قرار دیا۔

کیس میں انکشاف ہوا ہے کہ ایران کمزور نہیں ہو رہا بلکہ آخری حد تک لڑنے کو تیار ہے۔ امریکی اخبار نے محکمہ خارجہ کی کیبل کا حوالہ دیتے ہوئے کہا ہے کہ سینئر اسرائیلی حکام نے امریکی سفارتکاروں کو بتایا ہے کہ اگر ایرانی شہری حکومت کے خلاف سڑکوں پر نکلے تو انہیں قتل عام کا سامنا کرنا پڑ سکتا ہے۔

بقیہ21
"سیاست"

کرتے ہوئے سخت چیکنگ۔ تفصیلات کے مطابق جنرل ہولڈ اپ کے دوران جہلم ویلی پولیس نے اہم شاہراہوں، داخلی و خارجی راستوں اور حساس مقامات پر خصوصی ناکہ بندیاں قائم کر کے گاڑیوں، موٹر سائیکلوں کی جامع چیکنگ کی، پولیس ٹیموں نے مشتبہ افراد کی نقل و حرکت پر کڑی نظر رکھنے کے علاوہ متعدد خلاف قانون گاڑیوں کے خلاف کارروائی عمل میں لائی۔

فضائی حملے کی مزید اطلاعات موصول ہو رہی ہیں، حملوں میں 6 افراد جاں بحق، جبکہ متعدد زخمی ہوئے ہیں۔ عرب میڈیا کے مطابق اسرائیل نے جنوبی بیروت میں ایک کثیر المنزلہ عمارت پر بھی بمباری کی جس سے عمارت مکمل منہدم ہو گئی، امدادی کارکن عمارت کا ملبہ ہٹانے اور سرچ آپریشن میں مصروف ہیں۔

کیس میں انکشاف ہوا ہے کہ ایران کمزور نہیں ہو رہا بلکہ آخری حد تک لڑنے کو تیار ہے۔ امریکی اخبار نے محکمہ خارجہ کی کیبل کا حوالہ دیتے ہوئے کہا ہے کہ سینئر اسرائیلی حکام نے امریکی سفارتکاروں کو بتایا ہے کہ اگر ایرانی شہری حکومت کے خلاف سڑکوں پر نکلے تو انہیں قتل عام کا سامنا کرنا پڑ سکتا ہے۔

کرنے کی بنا پر وسیم نواز ایس ایچ او بہترین کارکردگی پر اعلیٰ کارکردگی کا سرٹیفکیٹ معہ نقد انعام دیا۔ ایڈیشنل کمشنر راجہ قیصر اور تذریب خان، ڈپٹی کمشنر راجہ محمد صداقت خان، ایس ایس پی خرم اقبال، صدر چیمبر آف کامرس اینڈ انڈسٹری بھی موجود تھے۔

انہوں نے جمہوری اسلامی ایران کی سپریم نیشنل سیکیورٹی کونسل کے سربراہ ڈاکٹر علی لاریجانی کی اپنے بیٹے اور دیگر ساتھیوں سمیت گزشتہ شب اپنی رہائش گاہ پر ہونے والی بمباری میں شہادت پر گہرے رنج و الم اور شدید غم و غصے کا اظہار کیا۔ انہوں نے اس بزدلانہ اور کھلی جارحیت کو بین الاقوامی قوانین کی سنگین خلاف ورزی قرار دیا۔

بقیہ22
"سیاست"
بقیہ23
"سیاست"

فضائی حملے کی مزید اطلاعات موصول ہو رہی ہیں، حملوں میں 6 افراد جاں بحق، جبکہ متعدد زخمی ہوئے ہیں۔ عرب میڈیا کے مطابق اسرائیل نے جنوبی بیروت میں ایک کثیر المنزلہ عمارت پر بھی بمباری کی جس سے عمارت مکمل منہدم ہو گئی، امدادی کارکن عمارت کا ملبہ ہٹانے اور سرچ آپریشن میں مصروف ہیں۔

کرتے ہوئے سخت چیکنگ۔ تفصیلات کے مطابق جنرل ہولڈ اپ کے دوران جہلم ویلی پولیس نے اہم شاہراہوں، داخلی و خارجی راستوں اور حساس مقامات پر خصوصی ناکہ بندیاں قائم کر کے گاڑیوں، موٹر سائیکلوں کی جامع چیکنگ کی، پولیس ٹیموں نے مشتبہ افراد کی نقل و حرکت پر کڑی نظر رکھنے کے علاوہ متعدد خلاف قانون گاڑیوں کے خلاف کارروائی عمل میں لائی۔

انہوں نے جمہوری اسلامی ایران کی سپریم نیشنل سیکیورٹی کونسل کے سربراہ ڈاکٹر علی لاریجانی کی اپنے بیٹے اور دیگر ساتھیوں سمیت گزشتہ شب اپنی رہائش گاہ پر ہونے والی بمباری میں شہادت پر گہرے رنج و الم اور شدید غم و غصے کا اظہار کیا۔ انہوں نے اس بزدلانہ اور کھلی جارحیت کو بین الاقوامی قوانین کی سنگین خلاف ورزی قرار دیا۔

بقیہ24
"سیاست"

کیس میں انکشاف ہوا ہے کہ ایران کمزور نہیں ہو رہا بلکہ آخری حد تک لڑنے کو تیار ہے۔ امریکی اخبار نے محکمہ خارجہ کی کیبل کا حوالہ دیتے ہوئے کہا ہے کہ سینئر اسرائیلی حکام نے امریکی سفارتکاروں کو بتایا ہے کہ اگر ایرانی شہری حکومت کے خلاف سڑکوں پر نکلے تو انہیں قتل عام کا سامنا کرنا پڑ سکتا ہے۔

بقیہ25
"سیاست"

کرنے کی بنا پر وسیم نواز ایس ایچ او بہترین کارکردگی پر اعلیٰ کارکردگی کا سرٹیفکیٹ معہ نقد انعام دیا۔ ایڈیشنل کمشنر راجہ قیصر اور تذریب خان، ڈپٹی کمشنر راجہ محمد صداقت خان، ایس ایس پی خرم اقبال، صدر چیمبر آف کامرس اینڈ انڈسٹری بھی موجود تھے۔

بقیہ26
"سیاست"

Pure JK Food Regulations 2017 Unsatisfactory on Labelling 1. Tarka Chatkara Nimko Mix2. Super Tarka Chatkara Nimko Mix3. Kruncher Premium Nimko Mix4. Tarka Dall Muth5. Mazaa Maza Sasi and Crispy6. DeJiJaan Selection Mix Nimko7. Imli Anardana Khatta Mitha Ha Maza Dar8. Chana Pakora Food Authority Act 2017

انہوں نے جمہوری اسلامی ایران کی سپریم نیشنل سیکیورٹی کونسل کے سربراہ ڈاکٹر علی لاریجانی کی اپنے بیٹے اور دیگر ساتھیوں سمیت گزشتہ شب اپنی رہائش گاہ پر ہونے والی بمباری میں شہادت پر گہرے رنج و الم اور شدید غم و غصے کا اظہار کیا۔ انہوں نے اس بزدلانہ اور کھلی جارحیت کو بین الاقوامی قوانین کی سنگین خلاف ورزی قرار دیا۔

کرتے ہوئے سخت چیکنگ۔ تفصیلات کے مطابق جنرل ہولڈ اپ کے دوران جہلم ویلی پولیس نے اہم شاہراہوں، داخلی و خارجی راستوں اور حساس مقامات پر خصوصی ناکہ بندیاں قائم کر کے گاڑیوں، موٹر سائیکلوں کی جامع چیکنگ کی، پولیس ٹیموں نے مشتبہ افراد کی نقل و حرکت پر کڑی نظر رکھنے کے علاوہ متعدد خلاف قانون گاڑیوں کے خلاف کارروائی عمل میں لائی۔

بقیہ27
"سیاست"

فضائی حملے کی مزید اطلاعات موصول ہو رہی ہیں، حملوں میں 6 افراد جاں بحق، جبکہ متعدد زخمی ہوئے ہیں۔ عرب میڈیا کے مطابق اسرائیل نے جنوبی بیروت میں ایک کثیر المنزلہ عمارت پر بھی بمباری کی جس سے عمارت مکمل منہدم ہو گئی، امدادی کارکن عمارت کا ملبہ ہٹانے اور سرچ آپریشن میں مصروف ہیں۔

چکا ہے 401 غیر قانونی مقیم افراد ہولڈنگ پوائنٹس پر موجود ہیں۔ ترجمان نے بتایا کہ ڈی پورٹ ہونے والوں میں 12 ہزار 498 مرد 6686 خواتین 13 ہزار 748 بچے شامل ہیں، حکومت کا بڑا اقدام 18 محکموں کی 25 خدمات آن لائن۔

کیس میں انکشاف ہوا ہے کہ ایران کمزور نہیں ہو رہا بلکہ آخری حد تک لڑنے کو تیار ہے۔ امریکی اخبار نے محکمہ خارجہ کی کیبل کا حوالہ دیتے ہوئے کہا ہے کہ سینئر اسرائیلی حکام نے امریکی سفارتکاروں کو بتایا ہے کہ اگر ایرانی شہری حکومت کے خلاف سڑکوں پر نکلے تو انہیں قتل عام کا سامنا کرنا پڑ سکتا ہے۔

کرنے کی بنا پر وسیم نواز ایس ایچ او بہترین کارکردگی پر اعلیٰ کارکردگی کا سرٹیفکیٹ معہ نقد انعام دیا۔ ایڈیشنل کمشنر راجہ قیصر اور تذریب خان، ڈپٹی کمشنر راجہ محمد صداقت خان، ایس ایس پی خرم اقبال، صدر چیمبر آف کامرس اینڈ انڈسٹری بھی موجود تھے۔

بقیہ28
"سیاست"

کرتے ہوئے سخت چیکنگ۔ تفصیلات کے مطابق جنرل ہولڈ اپ کے دوران جہلم ویلی پولیس نے اہم شاہراہوں، داخلی و خارجی راستوں اور حساس مقامات پر خصوصی ناکہ بندیاں قائم کر کے گاڑیوں، موٹر سائیکلوں کی جامع چیکنگ کی، پولیس ٹیموں نے مشتبہ افراد کی نقل و حرکت پر کڑی نظر رکھنے کے علاوہ متعدد خلاف قانون گاڑیوں کے خلاف کارروائی عمل میں لائی۔

انہوں نے جمہوری اسلامی ایران کی سپریم نیشنل سیکیورٹی کونسل کے سربراہ ڈاکٹر علی لاریجانی کی اپنے بیٹے اور دیگر ساتھیوں سمیت گزشتہ شب اپنی رہائش گاہ پر ہونے والی بمباری میں شہادت پر گہرے رنج و الم اور شدید غم و غصے کا اظہار کیا۔ انہوں نے اس بزدلانہ اور کھلی جارحیت کو بین الاقوامی قوانین کی سنگین خلاف ورزی قرار دیا۔

کیس میں انکشاف ہوا ہے کہ ایران کمزور نہیں ہو رہا بلکہ آخری حد تک لڑنے کو تیار ہے۔ امریکی اخبار نے محکمہ خارجہ کی کیبل کا حوالہ دیتے ہوئے کہا ہے کہ سینئر اسرائیلی حکام نے امریکی سفارتکاروں کو بتایا ہے کہ اگر ایرانی شہری حکومت کے خلاف سڑکوں پر نکلے تو انہیں قتل عام کا سامنا کرنا پڑ سکتا ہے۔

فضائی حملے کی مزید اطلاعات موصول ہو رہی ہیں، حملوں میں 6 افراد جاں بحق، جبکہ متعدد زخمی ہوئے ہیں۔ عرب میڈیا کے مطابق اسرائیل نے جنوبی بیروت میں ایک کثیر المنزلہ عمارت پر بھی بمباری کی جس سے عمارت مکمل منہدم ہو گئی، امدادی کارکن عمارت کا ملبہ ہٹانے اور سرچ آپریشن میں مصروف ہیں۔

بقیہ29
"سیاست"

کرنے کی بنا پر وسیم نواز ایس ایچ او بہترین کارکردگی پر اعلیٰ کارکردگی کا سرٹیفکیٹ معہ نقد انعام دیا۔ ایڈیشنل کمشنر راجہ قیصر اور تذریب خان، ڈپٹی کمشنر راجہ محمد صداقت خان، ایس ایس پی خرم اقبال، صدر چیمبر آف کامرس اینڈ انڈسٹری بھی موجود تھے۔

چکا ہے 401 غیر قانونی مقیم افراد ہولڈنگ پوائنٹس پر موجود ہیں۔ ترجمان نے بتایا کہ ڈی پورٹ ہونے والوں میں 12 ہزار 498 مرد 6686 خواتین 13 ہزار 748 بچے شامل ہیں، حکومت کا بڑا اقدام 18 محکموں کی 25 خدمات آن لائن۔

کرتے ہوئے سخت چیکنگ۔ تفصیلات کے مطابق جنرل ہولڈ اپ کے دوران جہلم ویلی پولیس نے اہم شاہراہوں، داخلی و خارجی راستوں اور حساس مقامات پر خصوصی ناکہ بندیاں قائم کر کے گاڑیوں، موٹر سائیکلوں کی جامع چیکنگ کی، پولیس ٹیموں نے مشتبہ افراد کی نقل و حرکت پر کڑی نظر رکھنے کے علاوہ متعدد خلاف قانون گاڑیوں کے خلاف کارروائی عمل میں لائی۔

کیس میں انکشاف ہوا ہے کہ ایران کمزور نہیں ہو رہا بلکہ آخری حد تک لڑنے کو تیار ہے۔ امریکی اخبار نے محکمہ خارجہ کی کیبل کا حوالہ دیتے ہوئے کہا ہے کہ سینئر اسرائیلی حکام نے امریکی سفارتکاروں کو بتایا ہے کہ اگر ایرانی شہری حکومت کے خلاف سڑکوں پر نکلے تو انہیں قتل عام کا سامنا کرنا پڑ سکتا ہے۔

انہوں نے جمہوری اسلامی ایران کی سپریم نیشنل سیکیورٹی کونسل کے سربراہ ڈاکٹر علی لاریجانی کی اپنے بیٹے اور دیگر ساتھیوں سمیت گزشتہ شب اپنی رہائش گاہ پر ہونے والی بمباری میں شہادت پر گہرے رنج و الم اور شدید غم و غصے کا اظہار کیا۔ انہوں نے اس بزدلانہ اور کھلی جارحیت کو بین الاقوامی قوانین کی سنگین خلاف ورزی قرار دیا۔

بقیہ30
"سیاست"
بقیہ31
"سیاست"
بقیہ32
"سیاست"

کرتے ہوئے سخت چیکنگ۔ تفصیلات کے مطابق جنرل ہولڈ اپ کے دوران جہلم ویلی پولیس نے اہم شاہراہوں، داخلی و خارجی راستوں اور حساس مقامات پر خصوصی ناکہ بندیاں قائم کر کے گاڑیوں، موٹر سائیکلوں کی جامع چیکنگ کی، پولیس ٹیموں نے مشتبہ افراد کی نقل و حرکت پر کڑی نظر رکھنے کے علاوہ متعدد خلاف قانون گاڑیوں کے خلاف کارروائی عمل میں لائی۔

چکا ہے 401 غیر قانونی مقیم افراد ہولڈنگ پوائنٹس پر موجود ہیں۔ ترجمان نے بتایا کہ ڈی پورٹ ہونے والوں میں 12 ہزار 498 مرد 6686 خواتین 13 ہزار 748 بچے شامل ہیں، حکومت کا بڑا اقدام 18 محکموں کی 25 خدمات آن لائن۔

کیس میں انکشاف ہوا ہے کہ ایران کمزور نہیں ہو رہا بلکہ آخری حد تک لڑنے کو تیار ہے۔ امریکی اخبار نے محکمہ خارجہ کی کیبل کا حوالہ دیتے ہوئے کہا ہے کہ سینئر اسرائیلی حکام نے امریکی سفارتکاروں کو بتایا ہے کہ اگر ایرانی شہری حکومت کے خلاف سڑکوں پر نکلے تو انہیں قتل عام کا سامنا کرنا پڑ سکتا ہے۔

فضائی حملے کی مزید اطلاعات موصول ہو رہی ہیں، حملوں میں 6 افراد جاں بحق، جبکہ متعدد زخمی ہوئے ہیں۔ عرب میڈیا کے مطابق اسرائیل نے جنوبی بیروت میں ایک کثیر المنزلہ عمارت پر بھی بمباری کی جس سے عمارت مکمل منہدم ہو گئی، امدادی کارکن عمارت کا ملبہ ہٹانے اور سرچ آپریشن میں مصروف ہیں۔

انہوں نے جمہوری اسلامی ایران کی سپریم نیشنل سیکیورٹی کونسل کے سربراہ ڈاکٹر علی لاریجانی کی اپنے بیٹے اور دیگر ساتھیوں سمیت گزشتہ شب اپنی رہائش گاہ پر ہونے والی بمباری میں شہادت پر گہرے رنج و الم اور شدید غم و غصے کا اظہار کیا۔ انہوں نے اس بزدلانہ اور کھلی جارحیت کو بین الاقوامی قوانین کی سنگین خلاف ورزی قرار دیا۔

کرنے کی بنا پر وسیم نواز ایس ایچ او بہترین کارکردگی پر اعلیٰ کارکردگی کا سرٹیفکیٹ معہ نقد انعام دیا۔ ایڈیشنل کمشنر راجہ قیصر اور تذریب خان، ڈپٹی کمشنر راجہ محمد صداقت خان، ایس ایس پی خرم اقبال، صدر چیمبر آف کامرس اینڈ انڈسٹری بھی موجود تھے۔

کرتے ہوئے سخت چیکنگ۔ تفصیلات کے مطابق جنرل ہولڈ اپ کے دوران جہلم ویلی پولیس نے اہم شاہراہوں، داخلی و خارجی راستوں اور حساس مقامات پر خصوصی ناکہ بندیاں قائم کر کے گاڑیوں، موٹر سائیکلوں کی جامع چیکنگ کی، پولیس ٹیموں نے مشتبہ افراد کی نقل و حرکت پر کڑی نظر رکھنے کے علاوہ متعدد خلاف قانون گاڑیوں کے خلاف کارروائی عمل میں لائی۔

کیس میں انکشاف ہوا ہے کہ ایران کمزور نہیں ہو رہا بلکہ آخری حد تک لڑنے کو تیار ہے۔ امریکی اخبار نے محکمہ خارجہ کی کیبل کا حوالہ دیتے ہوئے کہا ہے کہ سینئر اسرائیلی حکام نے امریکی سفارتکاروں کو بتایا ہے کہ اگر ایرانی شہری حکومت کے خلاف سڑکوں پر نکلے تو انہیں قتل عام کا سامنا کرنا پڑ سکتا ہے۔

فضائی حملے کی مزید اطلاعات موصول ہو رہی ہیں، حملوں میں 6 افراد جاں بحق، جبکہ متعدد زخمی ہوئے ہیں۔ عرب میڈیا کے مطابق اسرائیل نے جنوبی بیروت میں ایک کثیر المنزلہ عمارت پر بھی بمباری کی جس سے عمارت مکمل منہدم ہو گئی، امدادی کارکن عمارت کا ملبہ ہٹانے اور سرچ آپریشن میں مصروف ہیں۔

انہوں نے جمہوری اسلامی ایران کی سپریم نیشنل سیکیورٹی کونسل کے سربراہ ڈاکٹر علی لاریجانی کی اپنے بیٹے اور دیگر ساتھیوں سمیت گزشتہ شب اپنی رہائش گاہ پر ہونے والی بمباری میں شہادت پر گہرے رنج و الم اور شدید غم و غصے کا اظہار کیا۔ انہوں نے اس بزدلانہ اور کھلی جارحیت کو بین الاقوامی قوانین کی سنگین خلاف ورزی قرار دیا۔

چکا ہے 401 غیر قانونی مقیم افراد ہولڈنگ پوائنٹس پر موجود ہیں۔ ترجمان نے بتایا کہ ڈی پورٹ ہونے والوں میں 12 ہزار 498 مرد 6686 خواتین 13 ہزار 748 بچے شامل ہیں، حکومت کا بڑا اقدام 18 محکموں کی 25 خدمات آن لائن۔

کرتے ہوئے سخت چیکنگ۔ تفصیلات کے مطابق جنرل ہولڈ اپ کے دوران جہلم ویلی پولیس نے اہم شاہراہوں، داخلی و خارجی راستوں اور حساس مقامات پر خصوصی ناکہ بندیاں قائم کر کے گاڑیوں، موٹر سائیکلوں کی جامع چیکنگ کی، پولیس ٹیموں نے مشتبہ افراد کی نقل و حرکت پر کڑی نظر رکھنے کے علاوہ متعدد خلاف قانون گاڑیوں کے خلاف کارروائی عمل میں لائی۔

کیس میں انکشاف ہوا ہے کہ ایران کمزور نہیں ہو رہا بلکہ آخری حد تک لڑنے کو تیار ہے۔ امریکی اخبار نے محکمہ خارجہ کی کیبل کا حوالہ دیتے ہوئے کہا ہے کہ سینئر اسرائیلی حکام نے امریکی سفارتکاروں کو بتایا ہے کہ اگر ایرانی شہری حکومت کے خلاف سڑکوں پر نکلے تو انہیں قتل عام کا سامنا کرنا پڑ سکتا ہے۔

بقیہ33
"سیاست"

فضائی حملے کی مزید اطلاعات موصول ہو رہی ہیں، حملوں میں 6 افراد جاں بحق، جبکہ متعدد زخمی ہوئے ہیں۔ عرب میڈیا کے مطابق اسرائیل نے جنوبی بیروت میں ایک کثیر المنزلہ عمارت پر بھی بمباری کی جس سے عمارت مکمل منہدم ہو گئی، امدادی کارکن عمارت کا ملبہ ہٹانے اور سرچ آپریشن میں مصروف ہیں۔

کرنے کی بنا پر وسیم نواز ایس ایچ او بہترین کارکردگی پر اعلیٰ کارکردگی کا سرٹیفکیٹ معہ نقد انعام دیا۔ ایڈیشنل کمشنر راجہ قیصر اور تذریب خان، ڈپٹی کمشنر راجہ محمد صداقت خان، ایس ایس پی خرم اقبال، صدر چیمبر آف کامرس اینڈ انڈسٹری بھی موجود تھے۔

کرتے ہوئے سخت چیکنگ۔ تفصیلات کے مطابق جنرل ہولڈ اپ کے دوران جہلم ویلی پولیس نے اہم شاہراہوں، داخلی و خارجی راستوں اور حساس مقامات پر خصوصی ناکہ بندیاں قائم کر کے گاڑیوں، موٹر سائیکلوں کی جامع چیکنگ کی، پولیس ٹیموں نے مشتبہ افراد کی نقل و حرکت پر کڑی نظر رکھنے کے علاوہ متعدد خلاف قانون گاڑیوں کے خلاف کارروائی عمل میں لائی۔

بقیہ34
"سیاست"

کیس میں انکشاف ہوا ہے کہ ایران کمزور نہیں ہو رہا بلکہ آخری حد تک لڑنے کو تیار ہے۔ امریکی اخبار نے محکمہ خارجہ کی کیبل کا حوالہ دیتے ہوئے کہا ہے کہ سینئر اسرائیلی حکام نے امریکی سفارتکاروں کو بتایا ہے کہ اگر ایرانی شہری حکومت کے خلاف سڑکوں پر نکلے تو انہیں قتل عام کا سامنا کرنا پڑ سکتا ہے۔

انہوں نے جمہوری اسلامی ایران کی سپریم نیشنل سیکیورٹی کونسل کے سربراہ ڈاکٹر علی لاریجانی کی اپنے بیٹے اور دیگر ساتھیوں سمیت گزشتہ شب اپنی رہائش گاہ پر ہونے والی بمباری میں شہادت پر گہرے رنج و الم اور شدید غم و غصے کا اظہار کیا۔ انہوں نے اس بزدلانہ اور کھلی جارحیت کو بین الاقوامی قوانین کی سنگین خلاف ورزی قرار دیا۔

بقیہ35
"سیاست"

چکا ہے 401 غیر قانونی مقیم افراد ہولڈنگ پوائنٹس پر موجود ہیں۔ ترجمان نے بتایا کہ ڈی پورٹ ہونے والوں میں 12 ہزار 498 مرد 6686 خواتین 13 ہزار 748 بچے شامل ہیں، حکومت کا بڑا اقدام 18 محکموں کی 25 خدمات آن لائن۔

فضائی حملے کی مزید اطلاعات موصول ہو رہی ہیں، حملوں میں 6 افراد جاں بحق، جبکہ متعدد زخمی ہوئے ہیں۔ عرب میڈیا کے مطابق اسرائیل نے جنوبی بیروت میں ایک کثیر المنزلہ عمارت پر بھی بمباری کی جس سے عمارت مکمل منہدم ہو گئی، امدادی کارکن عمارت کا ملبہ ہٹانے اور سرچ آپریشن میں مصروف ہیں۔

کرتے ہوئے سخت چیکنگ۔ تفصیلات کے مطابق جنرل ہولڈ اپ کے دوران جہلم ویلی پولیس نے اہم شاہراہوں، داخلی و خارجی راستوں اور حساس مقامات پر خصوصی ناکہ بندیاں قائم کر کے گاڑیوں، موٹر سائیکلوں کی جامع چیکنگ کی، پولیس ٹیموں نے مشتبہ افراد کی نقل و حرکت پر کڑی نظر رکھنے کے علاوہ متعدد خلاف قانون گاڑیوں کے خلاف کارروائی عمل میں لائی۔

بقیہ36
"سیاست"
بقیہ37
"سیاست"
بقیہ38
"سیاست"
بقیہ39
"سیاست"
بقیہ40
"سیاست"
بقیہ41
"سیاست"
بقیہ42
"سیاست"
بقیہ43
"سیاست"

کیس میں انکشاف ہوا ہے کہ ایران کمزور نہیں ہو رہا بلکہ آخری حد تک لڑنے کو تیار ہے۔ امریکی اخبار نے محکمہ خارجہ کی کیبل کا حوالہ دیتے ہوئے کہا ہے کہ سینئر اسرائیلی حکام نے امریکی سفارتکاروں کو بتایا ہے کہ اگر ایرانی شہری حکومت کے خلاف سڑکوں پر نکلے تو انہیں قتل عام کا سامنا کرنا پڑ سکتا ہے۔

انہوں نے جمہوری اسلامی ایران کی سپریم نیشنل سیکیورٹی کونسل کے سربراہ ڈاکٹر علی لاریجانی کی اپنے بیٹے اور دیگر ساتھیوں سمیت گزشتہ شب اپنی رہائش گاہ پر ہونے والی بمباری میں شہادت پر گہرے رنج و الم اور شدید غم و غصے کا اظہار کیا۔ انہوں نے اس بزدلانہ اور کھلی جارحیت کو بین الاقوامی قوانین کی سنگین خلاف ورزی قرار دیا۔

فضائی حملے کی مزید اطلاعات موصول ہو رہی ہیں، حملوں میں 6 افراد جاں بحق، جبکہ متعدد زخمی ہوئے ہیں۔ عرب میڈیا کے مطابق اسرائیل نے جنوبی بیروت میں ایک کثیر المنزلہ عمارت پر بھی بمباری کی جس سے عمارت مکمل منہدم ہو گئی، امدادی کارکن عمارت کا ملبہ ہٹانے اور سرچ آپریشن میں مصروف ہیں۔

کرتے ہوئے سخت چیکنگ۔ تفصیلات کے مطابق جنرل ہولڈ اپ کے دوران جہلم ویلی پولیس نے اہم شاہراہوں، داخلی و خارجی راستوں اور حساس مقامات پر خصوصی ناکہ بندیاں قائم کر کے گاڑیوں، موٹر سائیکلوں کی جامع چیکنگ کی، پولیس ٹیموں نے مشتبہ افراد کی نقل و حرکت پر کڑی نظر رکھنے کے علاوہ متعدد خلاف قانون گاڑیوں کے خلاف کارروائی عمل میں لائی۔

کرنے کی بنا پر وسیم نواز ایس ایچ او بہترین کارکردگی پر اعلیٰ کارکردگی کا سرٹیفکیٹ معہ نقد انعام دیا۔ ایڈیشنل کمشنر راجہ قیصر اور تذریب خان، ڈپٹی کمشنر راجہ محمد صداقت خان، ایس ایس پی خرم اقبال، صدر چیمبر آف کامرس اینڈ انڈسٹری بھی موجود تھے۔

چکا ہے 401 غیر قانونی مقیم افراد ہولڈنگ پوائنٹس پر موجود ہیں۔ ترجمان نے بتایا کہ ڈی پورٹ ہونے والوں میں 12 ہزار 498 مرد 6686 خواتین 13 ہزار 748 بچے شامل ہیں، حکومت کا بڑا اقدام 18 محکموں کی 25 خدمات آن لائن۔

بقیہ44
"سیاست"

فضائی حملے کی مزید اطلاعات موصول ہو رہی ہیں، حملوں میں 6 افراد جاں بحق، جبکہ متعدد زخمی ہوئے ہیں۔ عرب میڈیا کے مطابق اسرائیل نے جنوبی بیروت میں ایک کثیر المنزلہ عمارت پر بھی بمباری کی جس سے عمارت مکمل منہدم ہو گئی، امدادی کارکن عمارت کا ملبہ ہٹانے اور سرچ آپریشن میں مصروف ہیں۔

بقیہ45
"سیاست"

کرتے ہوئے سخت چیکنگ۔ تفصیلات کے مطابق جنرل ہولڈ اپ کے دوران جہلم ویلی پولیس نے اہم شاہراہوں، داخلی و خارجی راستوں اور حساس مقامات پر خصوصی ناکہ بندیاں قائم کر کے گاڑیوں، موٹر سائیکلوں کی جامع چیکنگ کی، پولیس ٹیموں نے مشتبہ افراد کی نقل و حرکت پر کڑی نظر رکھنے کے علاوہ متعدد خلاف قانون گاڑیوں کے خلاف کارروائی عمل میں لائی۔

کیس میں انکشاف ہوا ہے کہ ایران کمزور نہیں ہو رہا بلکہ آخری حد تک لڑنے کو تیار ہے۔ امریکی اخبار نے محکمہ خارجہ کی کیبل کا حوالہ دیتے ہوئے کہا ہے کہ سینئر اسرائیلی حکام نے امریکی سفارتکاروں کو بتایا ہے کہ اگر ایرانی شہری حکومت کے خلاف سڑکوں پر نکلے تو انہیں قتل عام کا سامنا کرنا پڑ سکتا ہے۔

انہوں نے جمہوری اسلامی ایران کی سپریم نیشنل سیکیورٹی کونسل کے سربراہ ڈاکٹر علی لاریجانی کی اپنے بیٹے اور دیگر ساتھیوں سمیت گزشتہ شب اپنی رہائش گاہ پر ہونے والی بمباری میں شہادت پر گہرے رنج و الم اور شدید غم و غصے کا اظہار کیا۔ انہوں نے اس بزدلانہ اور کھلی جارحیت کو بین الاقوامی قوانین کی سنگین خلاف ورزی قرار دیا۔

کرنے کی بنا پر وسیم نواز ایس ایچ او بہترین کارکردگی پر اعلیٰ کارکردگی کا سرٹیفکیٹ معہ نقد انعام دیا۔ ایڈیشنل کمشنر راجہ قیصر اور تذریب خان، ڈپٹی کمشنر راجہ محمد صداقت خان، ایس ایس پی خرم اقبال، صدر چیمبر آف کامرس اینڈ انڈسٹری بھی موجود تھے۔

فضائی حملے کی مزید اطلاعات موصول ہو رہی ہیں، حملوں میں 6 افراد جاں بحق، جبکہ متعدد زخمی ہوئے ہیں۔ عرب میڈیا کے مطابق اسرائیل نے جنوبی بیروت میں ایک کثیر المنزلہ عمارت پر بھی بمباری کی جس سے عمارت مکمل منہدم ہو گئی، امدادی کارکن عمارت کا ملبہ ہٹانے اور سرچ آپریشن میں مصروف ہیں۔

چکا ہے 401 غیر قانونی مقیم افراد ہولڈنگ پوائنٹس پر موجود ہیں۔ ترجمان نے بتایا کہ ڈی پورٹ ہونے والوں میں 12 ہزار 498 مرد 6686 خواتین 13 ہزار 748 بچے شامل ہیں، حکومت کا بڑا اقدام 18 محکموں کی 25 خدمات آن لائن۔

کرتے ہوئے سخت چیکنگ۔ تفصیلات کے مطابق جنرل ہولڈ اپ کے دوران جہلم ویلی پولیس نے اہم شاہراہوں، داخلی و خارجی راستوں اور حساس مقامات پر خصوصی ناکہ بندیاں قائم کر کے گاڑیوں، موٹر سائیکلوں کی جامع چیکنگ کی، پولیس ٹیموں نے مشتبہ افراد کی نقل و حرکت پر کڑی نظر رکھنے کے علاوہ متعدد خلاف قانون گاڑیوں کے خلاف کارروائی عمل میں لائی۔

کیس میں انکشاف ہوا ہے کہ ایران کمزور نہیں ہو رہا بلکہ آخری حد تک لڑنے کو تیار ہے۔ امریکی اخبار نے محکمہ خارجہ کی کیبل کا حوالہ دیتے ہوئے کہا ہے کہ سینئر اسرائیلی حکام نے امریکی سفارتکاروں کو بتایا ہے کہ اگر ایرانی شہری حکومت کے خلاف سڑکوں پر نکلے تو انہیں قتل عام کا سامنا کرنا پڑ سکتا ہے۔

بقیہ46
"سیاست"

انہوں نے جمہوری اسلامی ایران کی سپریم نیشنل سیکیورٹی کونسل کے سربراہ ڈاکٹر علی لاریجانی کی اپنے بیٹے اور دیگر ساتھیوں سمیت گزشتہ شب اپنی رہائش گاہ پر ہونے والی بمباری میں شہادت پر گہرے رنج و الم اور شدید غم و غصے کا اظہار کیا۔ انہوں نے اس بزدلانہ اور کھلی جارحیت کو بین الاقوامی قوانین کی سنگین خلاف ورزی قرار دیا۔

فضائی حملے کی مزید اطلاعات موصول ہو رہی ہیں، حملوں میں 6 افراد جاں بحق، جبکہ متعدد زخمی ہوئے ہیں۔ عرب میڈیا کے مطابق اسرائیل نے جنوبی بیروت میں ایک کثیر المنزلہ عمارت پر بھی بمباری کی جس سے عمارت مکمل منہدم ہو گئی، امدادی کارکن عمارت کا ملبہ ہٹانے اور سرچ آپریشن میں مصروف ہیں۔

بقیہ47
"سیاست"

کرنے کی بنا پر وسیم نواز ایس ایچ او بہترین کارکردگی پر اعلیٰ کارکردگی کا سرٹیفکیٹ معہ نقد انعام دیا۔ ایڈیشنل کمشنر راجہ قیصر اور تذریب خان، ڈپٹی کمشنر راجہ محمد صداقت خان، ایس ایس پی خرم اقبال، صدر چیمبر آف کامرس اینڈ انڈسٹری بھی موجود تھے۔

بقیہ48
"سیاست"

کیس میں انکشاف ہوا ہے کہ ایران کمزور نہیں ہو رہا بلکہ آخری حد تک لڑنے کو تیار ہے۔ امریکی اخبار نے محکمہ خارجہ کی کیبل کا حوالہ دیتے ہوئے کہا ہے کہ سینئر اسرائیلی حکام نے امریکی سفارتکاروں کو بتایا ہے کہ اگر ایرانی شہری حکومت کے خلاف سڑکوں پر نکلے تو انہیں قتل عام کا سامنا کرنا پڑ سکتا ہے۔

کرتے ہوئے سخت چیکنگ۔ تفصیلات کے مطابق جنرل ہولڈ اپ کے دوران جہلم ویلی پولیس نے اہم شاہراہوں، داخلی و خارجی راستوں اور حساس مقامات پر خصوصی ناکہ بندیاں قائم کر کے گاڑیوں، موٹر سائیکلوں کی جامع چیکنگ کی، پولیس ٹیموں نے مشتبہ افراد کی نقل و حرکت پر کڑی نظر رکھنے کے علاوہ متعدد خلاف قانون گاڑیوں کے خلاف کارروائی عمل میں لائی۔

بقیہ49
"سیاست"

چکا ہے 401 غیر قانونی مقیم افراد ہولڈنگ پوائنٹس پر موجود ہیں۔ ترجمان نے بتایا کہ ڈی پورٹ ہونے والوں میں 12 ہزار 498 مرد 6686 خواتین 13 ہزار 748 بچے شامل ہیں، حکومت کا بڑا اقدام 18 محکموں کی 25 خدمات آن لائن۔

بقیہ50
"سیاست"
بقیہ51
"سیاست"
بقیہ52
"سیاست"
بقیہ53
"سیاست"
بقیہ54
"سیاست"

چکا ہے 401 غیر قانونی مقیم افراد ہولڈنگ پوائنٹس پر موجود ہیں۔ ترجمان نے بتایا کہ ڈی پورٹ ہونے والوں میں 12 ہزار 498 مرد 6686 خواتین 13 ہزار 748 بچے شامل ہیں، حکومت کا بڑا اقدام 18 محکموں کی 25 خدمات آن لائن۔

دورہ چین کی دعوت شکریہ کے ساتھ قبول کی اور سٹریٹجک تعاون، سی پیک کے فروغ، وفاقی تعاون اور دیگر ممالک کے ساتھ کشیدگی کم کرنے میں چین کے کردار پر تشکر کا اظہار کیا۔

بقیہ55
"سیاست"

دورہ چین کی دعوت شکریہ کے ساتھ قبول کی اور سٹریٹجک تعاون، سی پیک کے فروغ، وفاقی تعاون اور دیگر ممالک کے ساتھ کشیدگی کم کرنے میں چین کے کردار پر تشکر کا اظہار کیا۔

بقیہ56
"سیاست"

انہوں نے جمہوری اسلامی ایران کی سپریم نیشنل سیکیورٹی کونسل کے سربراہ ڈاکٹر علی لاریجانی کی اپنے بیٹے اور دیگر ساتھیوں سمیت گزشتہ شب اپنی رہائش گاہ پر ہونے والی بمباری میں شہادت پر گہرے رنج و الم اور شدید غم و غصے کا اظہار کیا۔ انہوں نے اس بزدلانہ اور کھلی جارحیت کو بین الاقوامی قوانین کی سنگین خلاف ورزی قرار دیا۔

بقیہ57
"سیاست"

چکا ہے 401 غیر قانونی مقیم افراد ہولڈنگ پوائنٹس پر موجود ہیں۔ ترجمان نے بتایا کہ ڈی پورٹ ہونے والوں میں 12 ہزار 498 مرد 6686 خواتین 13 ہزار 748 بچے شامل ہیں، حکومت کا بڑا اقدام 18 محکموں کی 25 خدمات آن لائن۔

بقیہ58
"سیاست"

فطرانہ پہنچایا جو مانگنے سے شرماتے ہیں اور جو زندگی کی بنیادی ضروریات پوری کرنے کے لیے سخت جدوجہد کر رہے ہیں۔

کرتے ہوئے سخت چیکنگ۔ تفصیلات کے مطابق جنرل ہولڈ اپ کے دوران جہلم ویلی پولیس نے اہم شاہراہوں، داخلی و خارجی راستوں اور حساس مقامات پر خصوصی ناکہ بندیاں قائم کر کے گاڑیوں، موٹر سائیکلوں کی جامع چیکنگ کی، پولیس ٹیموں نے مشتبہ افراد کی نقل و حرکت پر کڑی نظر رکھنے کے علاوہ متعدد خلاف قانون گاڑیوں کے خلاف کارروائی عمل میں لائی۔

فضائی حملے کی مزید اطلاعات موصول ہو رہی ہیں، حملوں میں 6 افراد جاں بحق، جبکہ متعدد زخمی ہوئے ہیں۔ عرب میڈیا کے مطابق اسرائیل نے جنوبی بیروت میں ایک کثیر المنزلہ عمارت پر بھی بمباری کی جس سے عمارت مکمل منہدم ہو گئی، امدادی کارکن عمارت کا ملبہ ہٹانے اور سرچ آپریشن میں مصروف ہیں۔

کیس میں انکشاف ہوا ہے کہ ایران کمزور نہیں ہو رہا بلکہ آخری حد تک لڑنے کو تیار ہے۔ امریکی اخبار نے محکمہ خارجہ کی کیبل کا حوالہ دیتے ہوئے کہا ہے کہ سینئر اسرائیلی حکام نے امریکی سفارتکاروں کو بتایا ہے کہ اگر ایرانی شہری حکومت کے خلاف سڑکوں پر نکلے تو انہیں قتل عام کا سامنا کرنا پڑ سکتا ہے۔

کرنے کی بنا پر وسیم نواز ایس ایچ او بہترین کارکردگی پر اعلیٰ کارکردگی کا سرٹیفکیٹ معہ نقد انعام دیا۔ ایڈیشنل کمشنر راجہ قیصر اور تذریب خان، ڈپٹی کمشنر راجہ محمد صداقت خان، ایس ایس پی خرم اقبال، صدر چیمبر آف کامرس اینڈ انڈسٹری بھی موجود تھے۔

بقیہ59
"سیاست"

انہوں نے جمہوری اسلامی ایران کی سپریم نیشنل سیکیورٹی کونسل کے سربراہ ڈاکٹر علی لاریجانی کی اپنے بیٹے اور دیگر ساتھیوں سمیت گزشتہ شب اپنی رہائش گاہ پر ہونے والی بمباری میں شہادت پر گہرے رنج و الم اور شدید غم و غصے کا اظہار کیا۔ انہوں نے اس بزدلانہ اور کھلی جارحیت کو بین الاقوامی قوانین کی سنگین خلاف ورزی قرار دیا۔

فضائی حملے کی مزید اطلاعات موصول ہو رہی ہیں، حملوں میں 6 افراد جاں بحق، جبکہ متعدد زخمی ہوئے ہیں۔ عرب میڈیا کے مطابق اسرائیل نے جنوبی بیروت میں ایک کثیر المنزلہ عمارت پر بھی بمباری کی جس سے عمارت مکمل منہدم ہو گئی، امدادی کارکن عمارت کا ملبہ ہٹانے اور سرچ آپریشن میں مصروف ہیں۔

بقیہ60
"سیاست"

کرتے ہوئے سخت چیکنگ۔ تفصیلات کے مطابق جنرل ہولڈ اپ کے دوران جہلم ویلی پولیس نے اہم شاہراہوں، داخلی و خارجی راستوں اور حساس مقامات پر خصوصی ناکہ بندیاں قائم کر کے گاڑیوں، موٹر سائیکلوں کی جامع چیکنگ کی، پولیس ٹیموں نے مشتبہ افراد کی نقل و حرکت پر کڑی نظر رکھنے کے علاوہ متعدد خلاف قانون گاڑیوں کے خلاف کارروائی عمل میں لائی۔

کیس میں انکشاف ہوا ہے کہ ایران کمزور نہیں ہو رہا بلکہ آخری حد تک لڑنے کو تیار ہے۔ امریکی اخبار نے محکمہ خارجہ کی کیبل کا حوالہ دیتے ہوئے کہا ہے کہ سینئر اسرائیلی حکام نے امریکی سفارتکاروں کو بتایا ہے کہ اگر ایرانی شہری حکومت کے خلاف سڑکوں پر نکلے تو انہیں قتل عام کا سامنا کرنا پڑ سکتا ہے۔

چکا ہے 401 غیر قانونی مقیم افراد ہولڈنگ پوائنٹس پر موجود ہیں۔ ترجمان نے بتایا کہ ڈی پورٹ ہونے والوں میں 12 ہزار 498 مرد 6686 خواتین 13 ہزار 748 بچے شامل ہیں، حکومت کا بڑا اقدام 18 محکموں کی 25 خدمات آن لائن۔

بقیہ61
"سیاست"
بقیہ62
"سیاست"
بقیہ63
"سیاست"
بقیہ64
"سیاست"
بقیہ65
"سیاست"
بقیہ66
"سیاست"
بقیہ67
"سیاست"
بعدالت جہانگیر احمد ڈسٹرکٹ جج مظفرآباد
مسل نمبر 54
دائرہ 16.03.2026
آئندہ تاریخ 27.03.2026
شازیہ خورشید ولد خورشید خان اعوان مطلقہ راجہ شبیر احمد خان ولد گل خان ساکنہ میر صدائی وارڈ نمبر 18 چہلہ بانڈی مظفرآباد
بنام۔ عوام الناس
درخواست گارڈین سرٹیفکیٹ
ہرگاہ کہ مقدمہ عنوان بالا زیر سماعت عدالت ہذا ہے جس میں آئندہ تاریخ پیشی آئندہ تاریخ
27.03.2026
مقرر ہوئی ہے آپ مدعا علیہم کی تعمیل بطریق احسن ممکن نہ ہے لہذا آپ مدعا علیہم بذریعہ اشتہار اخبار آگاہ کیا جاتا ہے کہ آپ مدعا علیہم بتاریخ آئندہ تاریخ
27.03.2026
کو اصالتاً، وکالتاً یا مختار حاضر عدالت آئیں اور پیروی کریں عدم حاضری عدالت کے باعث آپ کے خلاف کارروائی یکطرفہ عمل میں لائی جائے گی۔
دستخط و مہر عدالت
بعدالت جہانگیر احمد ڈسٹرکٹ جج مظفرآباد
مسل نمبر 56
دائرہ 17.03.2026
آئندہ تاریخ 24.03.2026
اشفاق احمد ولد محمد مقبول ساکنہ ٹنڈالی تحصیل و ضلع مظفرآباد
بنام۔ عوام الناس
درخواست گارڈین سرٹیفکیٹ
ہرگاہ کہ مقدمہ عنوان بالا زیر سماعت عدالت ہذا ہے جس میں آئندہ تاریخ پیشی آئندہ تاریخ
24.03.2026
مقرر ہوئی ہے آپ مدعا علیہم کی تعمیل بطریق احسن ممکن نہ ہے لہذا آپ مدعا علیہم بذریعہ اشتہار اخبار آگاہ کیا جاتا ہے کہ آپ مدعا علیہم بتاریخ آئندہ تاریخ
24.03.2026
کو اصالتاً، وکالتاً یا مختار حاضر عدالت آئیں اور پیروی کریں عدم حاضری عدالت کے باعث آپ کے خلاف کارروائی یکطرفہ عمل میں لائی جائے گی۔
دستخط و مہر عدالت
✱	روزنامہ سیاست	✱ ✱ ✱	روزنامہ سیاست	✱ ✱ ✱	روزنامہ سیاست	✱ ✱ ✱	روزنامہ سیاست	✱ ✱ ✱	روزنامہ سیاست	✱ ✱ ✱	روزنامہ سیاست	✱ ✱ ✱	روزنامہ سیاست	✱ ✱
